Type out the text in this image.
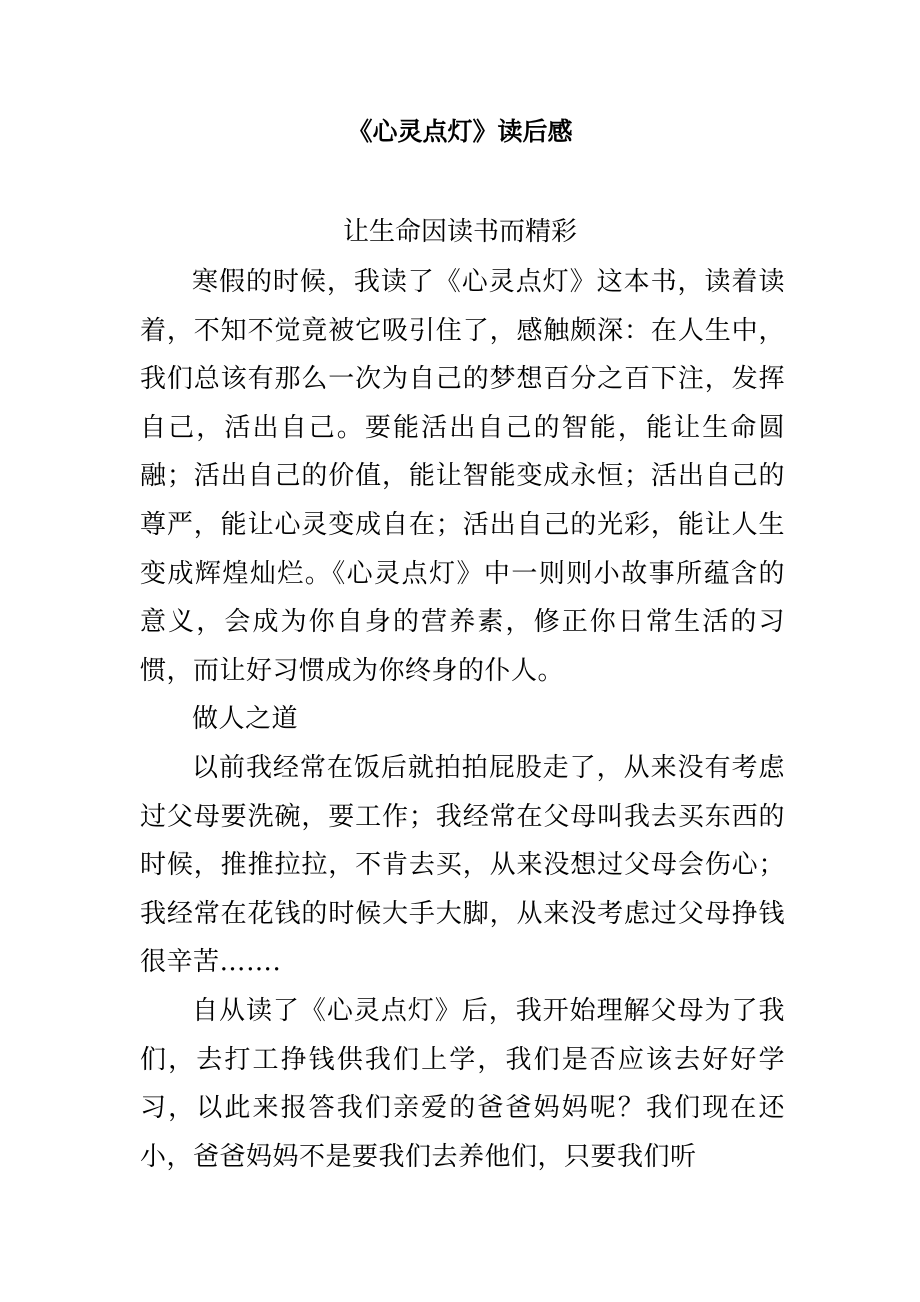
《心灵点灯》读后感
让生命因读书而精彩

寒假的时候，我读了《心灵点灯》这本书，读着读着，不知不觉竟被它吸引住了，感触颇深：在人生中，我们总该有那么一次为自己的梦想百分之百下注，发挥自己，活出自己。要能活出自己的智能，能让生命圆融；活出自己的价值，能让智能变成永恒；活出自己的尊严，能让心灵变成自在；活出自己的光彩，能让人生变成辉煌灿烂。《心灵点灯》中一则则小故事所蕴含的意义，会成为你自身的营养素，修正你日常生活的习惯，而让好习惯成为你终身的仆人。

做人之道

以前我经常在饭后就拍拍屁股走了，从来没有考虑过父母要洗碗，要工作；我经常在父母叫我去买东西的时候，推推拉拉，不肯去买，从来没想过父母会伤心；我经常在花钱的时候大手大脚，从来没考虑过父母挣钱很辛苦…….

自从读了《心灵点灯》后，我开始理解父母为了我们，去打工挣钱供我们上学，我们是否应该去好好学习，以此来报答我们亲爱的爸爸妈妈呢？我们现在还小，爸爸妈妈不是要我们去养他们，只要我们听
